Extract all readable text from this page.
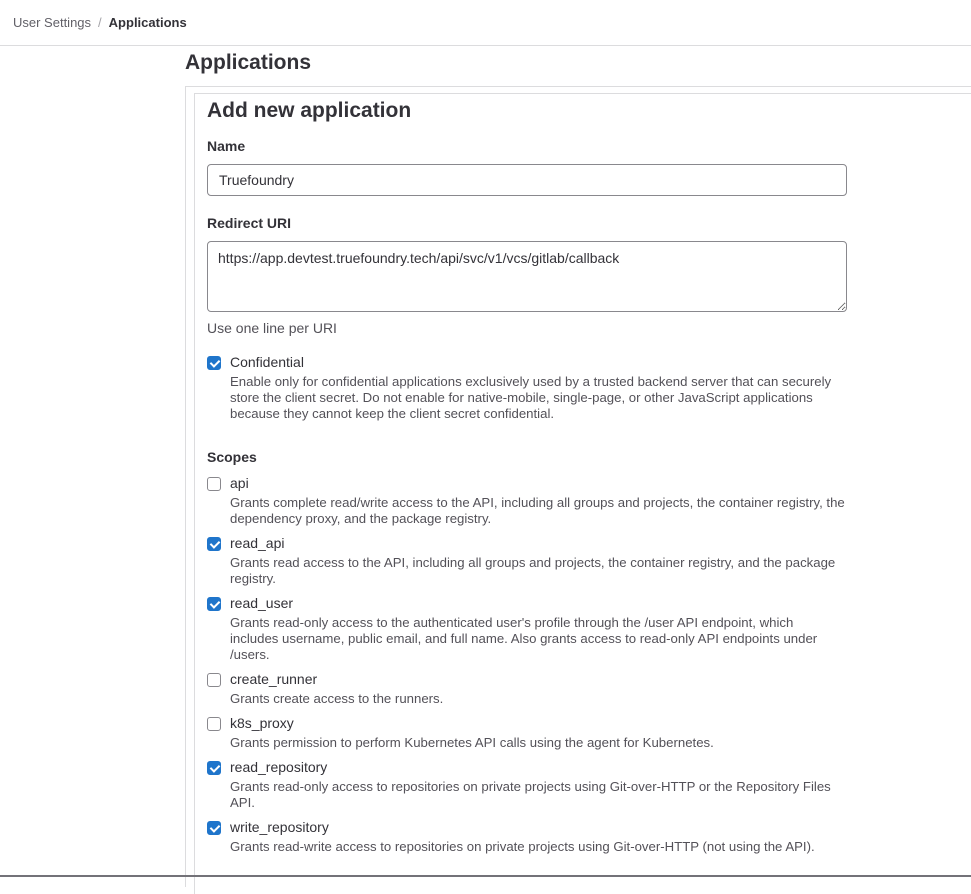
User Settings / Applications
Applications
Add new application
Name
Truefoundry
Redirect URI
https://app.devtest.truefoundry.tech/api/svc/v1/vcs/gitlab/callback
Use one line per URI
Confidential
Enable only for confidential applications exclusively used by a trusted backend server that can securely store the client secret. Do not enable for native-mobile, single-page, or other JavaScript applications because they cannot keep the client secret confidential.
Scopes
api
Grants complete read/write access to the API, including all groups and projects, the container registry, the dependency proxy, and the package registry.
read_api
Grants read access to the API, including all groups and projects, the container registry, and the package registry.
read_user
Grants read-only access to the authenticated user's profile through the /user API endpoint, which includes username, public email, and full name. Also grants access to read-only API endpoints under /users.
create_runner
Grants create access to the runners.
k8s_proxy
Grants permission to perform Kubernetes API calls using the agent for Kubernetes.
read_repository
Grants read-only access to repositories on private projects using Git-over-HTTP or the Repository Files API.
write_repository
Grants read-write access to repositories on private projects using Git-over-HTTP (not using the API).
